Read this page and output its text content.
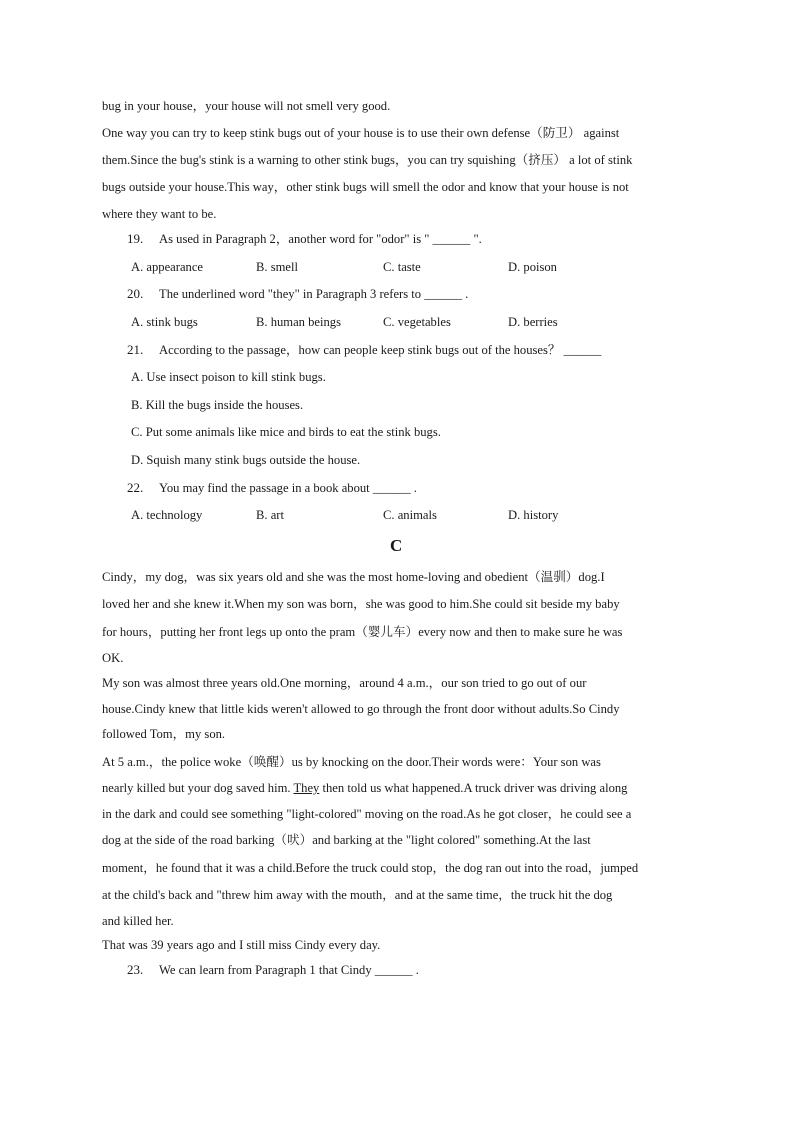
bug in your house，your house will not smell very good.
One way you can try to keep stink bugs out of your house is to use their own defense（防卫） against
them.Since the bug's stink is a warning to other stink bugs，you can try squishing（挤压） a lot of stink
bugs outside your house.This way，other stink bugs will smell the odor and know that your house is not
where they want to be.
19. As used in Paragraph 2，another word for "odor" is " ______ ".
A. appearance	B. smell	C. taste	D. poison
20. The underlined word "they" in Paragraph 3 refers to ______ .
A. stink bugs	B. human beings	C. vegetables	D. berries
21. According to the passage，how can people keep stink bugs out of the houses？ ______
A. Use insect poison to kill stink bugs.
B. Kill the bugs inside the houses.
C. Put some animals like mice and birds to eat the stink bugs.
D. Squish many stink bugs outside the house.
22. You may find the passage in a book about ______ .
A. technology	B. art	C. animals	D. history
C
Cindy，my dog，was six years old and she was the most home-loving and obedient（温驯）dog.I
loved her and she knew it.When my son was born，she was good to him.She could sit beside my baby
for hours，putting her front legs up onto the pram（婴儿车）every now and then to make sure he was
OK.
My son was almost three years old.One morning，around 4 a.m.，our son tried to go out of our
house.Cindy knew that little kids weren't allowed to go through the front door without adults.So Cindy
followed Tom，my son.
At 5 a.m.，the police woke（唤醒）us by knocking on the door.Their words were：Your son was
nearly killed but your dog saved him. They then told us what happened.A truck driver was driving along
in the dark and could see something "light-colored" moving on the road.As he got closer，he could see a
dog at the side of the road barking（吠）and barking at the "light colored" something.At the last
moment，he found that it was a child.Before the truck could stop，the dog ran out into the road，jumped
at the child's back and "threw him away with the mouth，and at the same time，the truck hit the dog
and killed her.
That was 39 years ago and I still miss Cindy every day.
23. We can learn from Paragraph 1 that Cindy ______ .
